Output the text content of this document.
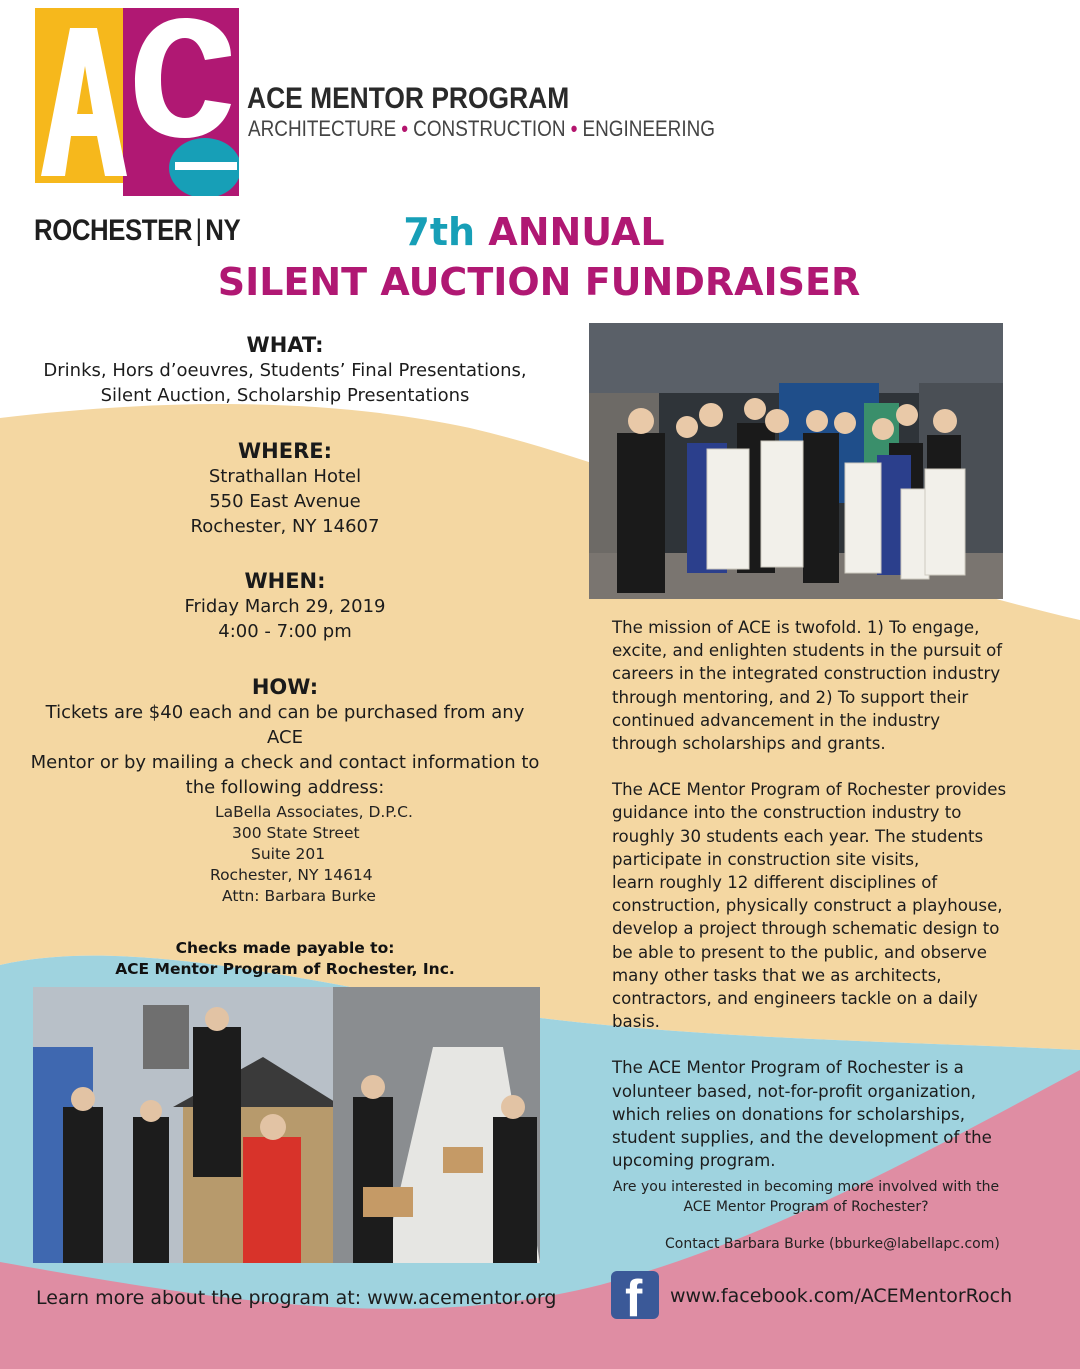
ACE
ROCHESTER | NY
ACE MENTOR PROGRAM
ARCHITECTURE • CONSTRUCTION • ENGINEERING
7th ANNUAL
SILENT AUCTION FUNDRAISER
WHAT:

Drinks, Hors d’oeuvres, Students’ Final Presentations,

Silent Auction, Scholarship Presentations

WHERE:

Strathallan Hotel

550 East Avenue

Rochester, NY 14607

WHEN:

Friday March 29, 2019

4:00 - 7:00 pm

HOW:

Tickets are $40 each and can be purchased from any ACE

Mentor or by mailing a check and contact information to

the following address:

LaBella Associates, D.P.C.
300 State Street
Suite 201
Rochester, NY 14614
Attn: Barbara Burke
Checks made payable to:
ACE Mentor Program of Rochester, Inc.

The mission of ACE is twofold. 1) To engage,
excite, and enlighten students in the pursuit of
careers in the integrated construction industry
through mentoring, and 2) To support their
continued advancement in the industry
through scholarships and grants.

The ACE Mentor Program of Rochester provides
guidance into the construction industry to
roughly 30 students each year. The students
participate in construction site visits,
learn roughly 12 different disciplines of
construction, physically construct a playhouse,
develop a project through schematic design to
be able to present to the public, and observe
many other tasks that we as architects,
contractors, and engineers tackle on a daily basis.

The ACE Mentor Program of Rochester is a
volunteer based, not-for-profit organization,
which relies on donations for scholarships,
student supplies, and the development of the
upcoming program.

Are you interested in becoming more involved with the
ACE Mentor Program of Rochester?
Contact Barbara Burke (bburke@labellapc.com)
Learn more about the program at: www.acementor.org f www.facebook.com/ACEMentorRoch
